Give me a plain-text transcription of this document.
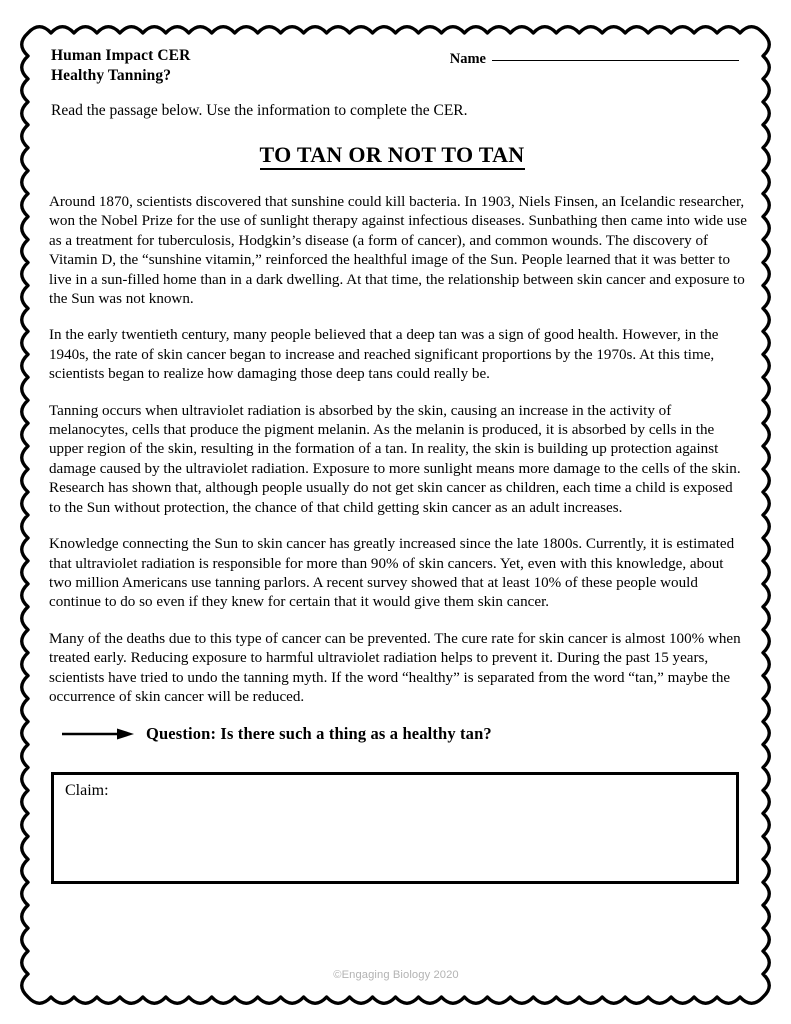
Human Impact CER
Healthy Tanning?
Name
Read the passage below. Use the information to complete the CER.
TO TAN OR NOT TO TAN

Around 1870, scientists discovered that sunshine could kill bacteria. In 1903, Niels Finsen, an Icelandic researcher, won the Nobel Prize for the use of sunlight therapy against infectious diseases. Sunbathing then came into wide use as a treatment for tuberculosis, Hodgkin’s disease (a form of cancer), and common wounds. The discovery of Vitamin D, the “sunshine vitamin,” reinforced the healthful image of the Sun. People learned that it was better to live in a sun-filled home than in a dark dwelling. At that time, the relationship between skin cancer and exposure to the Sun was not known.

In the early twentieth century, many people believed that a deep tan was a sign of good health. However, in the 1940s, the rate of skin cancer began to increase and reached significant proportions by the 1970s. At this time, scientists began to realize how damaging those deep tans could really be.

Tanning occurs when ultraviolet radiation is absorbed by the skin, causing an increase in the activity of melanocytes, cells that produce the pigment melanin. As the melanin is produced, it is absorbed by cells in the upper region of the skin, resulting in the formation of a tan. In reality, the skin is building up protection against damage caused by the ultraviolet radiation. Exposure to more sunlight means more damage to the cells of the skin. Research has shown that, although people usually do not get skin cancer as children, each time a child is exposed to the Sun without protection, the chance of that child getting skin cancer as an adult increases.

Knowledge connecting the Sun to skin cancer has greatly increased since the late 1800s. Currently, it is estimated that ultraviolet radiation is responsible for more than 90% of skin cancers. Yet, even with this knowledge, about two million Americans use tanning parlors. A recent survey showed that at least 10% of these people would continue to do so even if they knew for certain that it would give them skin cancer.

Many of the deaths due to this type of cancer can be prevented. The cure rate for skin cancer is almost 100% when treated early. Reducing exposure to harmful ultraviolet radiation helps to prevent it. During the past 15 years, scientists have tried to undo the tanning myth. If the word “healthy” is separated from the word “tan,” maybe the occurrence of skin cancer will be reduced.

Question: Is there such a thing as a healthy tan?
Claim:
©Engaging Biology 2020
